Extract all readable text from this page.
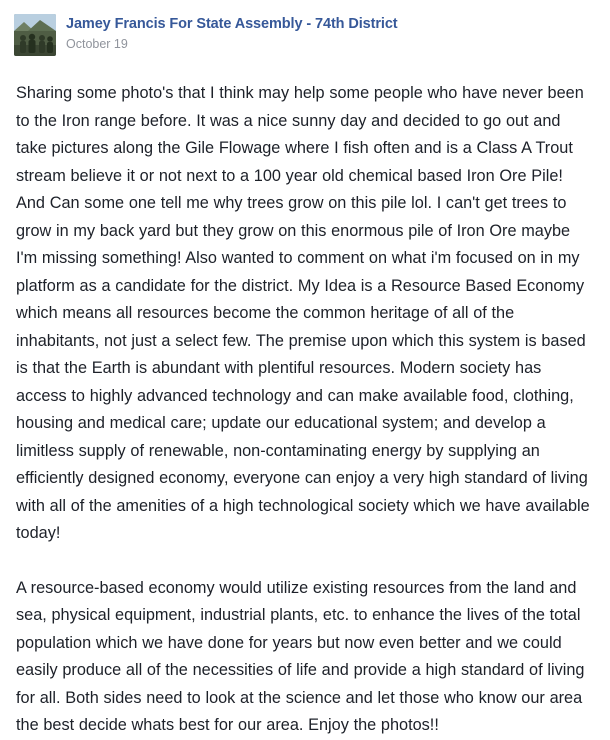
Jamey Francis For State Assembly - 74th District
October 19

Sharing some photo's that I think may help some people who have never been to the Iron range before. It was a nice sunny day and decided to go out and take pictures along the Gile Flowage where I fish often and is a Class A Trout stream believe it or not next to a 100 year old chemical based Iron Ore Pile! And Can some one tell me why trees grow on this pile lol. I can't get trees to grow in my back yard but they grow on this enormous pile of Iron Ore maybe I'm missing something! Also wanted to comment on what i'm focused on in my platform as a candidate for the district. My Idea is a Resource Based Economy which means all resources become the common heritage of all of the inhabitants, not just a select few. The premise upon which this system is based is that the Earth is abundant with plentiful resources. Modern society has access to highly advanced technology and can make available food, clothing, housing and medical care; update our educational system; and develop a limitless supply of renewable, non-contaminating energy by supplying an efficiently designed economy, everyone can enjoy a very high standard of living with all of the amenities of a high technological society which we have available today!

A resource-based economy would utilize existing resources from the land and sea, physical equipment, industrial plants, etc. to enhance the lives of the total population which we have done for years but now even better and we could easily produce all of the necessities of life and provide a high standard of living for all. Both sides need to look at the science and let those who know our area the best decide whats best for our area. Enjoy the photos!!
